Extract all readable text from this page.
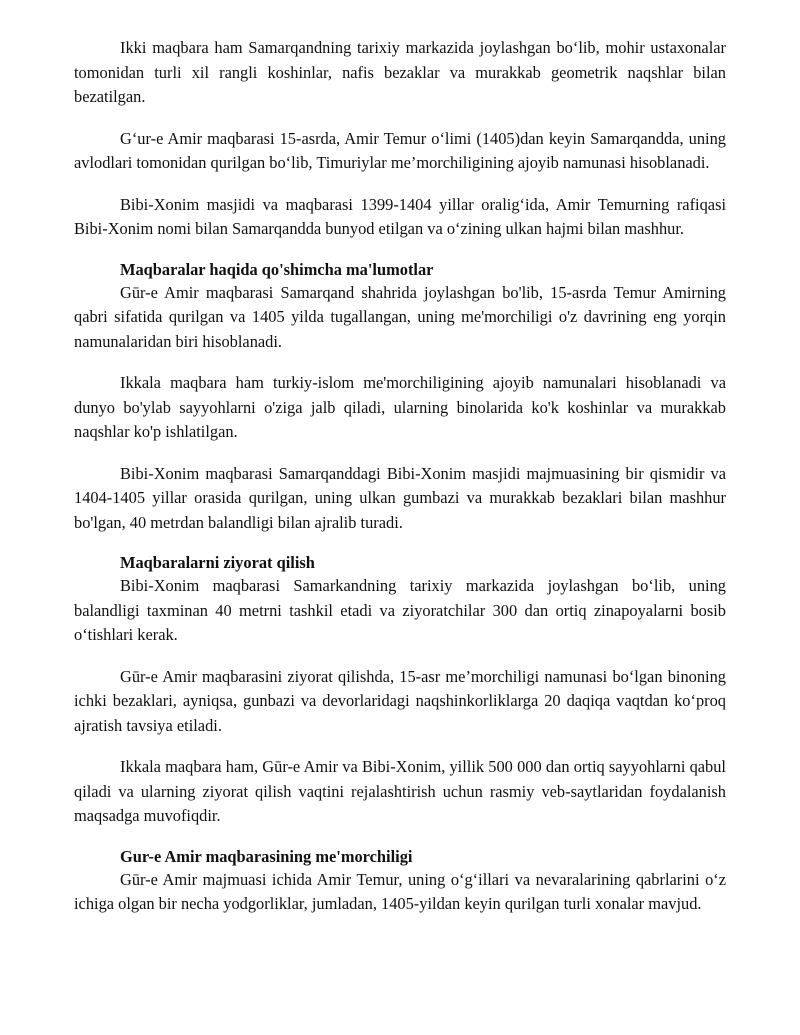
Ikki maqbara ham Samarqandning tarixiy markazida joylashgan bo‘lib, mohir ustaxonalar tomonidan turli xil rangli koshinlar, nafis bezaklar va murakkab geometrik naqshlar bilan bezatilgan.

G‘ur-e Amir maqbarasi 15-asrda, Amir Temur o‘limi (1405)dan keyin Samarqandda, uning avlodlari tomonidan qurilgan bo‘lib, Timuriylar me’morchiligining ajoyib namunasi hisoblanadi.

Bibi-Xonim masjidi va maqbarasi 1399-1404 yillar oralig‘ida, Amir Temurning rafiqasi Bibi-Xonim nomi bilan Samarqandda bunyod etilgan va o‘zining ulkan hajmi bilan mashhur.

Maqbaralar haqida qo'shimcha ma'lumotlar

Gūr-e Amir maqbarasi Samarqand shahrida joylashgan bo'lib, 15-asrda Temur Amirning qabri sifatida qurilgan va 1405 yilda tugallangan, uning me'morchiligi o'z davrining eng yorqin namunalaridan biri hisoblanadi.

Ikkala maqbara ham turkiy-islom me'morchiligining ajoyib namunalari hisoblanadi va dunyo bo'ylab sayyohlarni o'ziga jalb qiladi, ularning binolarida ko'k koshinlar va murakkab naqshlar ko'p ishlatilgan.

Bibi-Xonim maqbarasi Samarqanddagi Bibi-Xonim masjidi majmuasining bir qismidir va 1404-1405 yillar orasida qurilgan, uning ulkan gumbazi va murakkab bezaklari bilan mashhur bo'lgan, 40 metrdan balandligi bilan ajralib turadi.

Maqbaralarni ziyorat qilish

Bibi-Xonim maqbarasi Samarkandning tarixiy markazida joylashgan bo‘lib, uning balandligi taxminan 40 metrni tashkil etadi va ziyoratchilar 300 dan ortiq zinapoyalarni bosib o‘tishlari kerak.

Gūr-e Amir maqbarasini ziyorat qilishda, 15-asr me’morchiligi namunasi bo‘lgan binoning ichki bezaklari, ayniqsa, gunbazi va devorlaridagi naqshinkorliklarga 20 daqiqa vaqtdan ko‘proq ajratish tavsiya etiladi.

Ikkala maqbara ham, Gūr-e Amir va Bibi-Xonim, yillik 500 000 dan ortiq sayyohlarni qabul qiladi va ularning ziyorat qilish vaqtini rejalashtirish uchun rasmiy veb-saytlaridan foydalanish maqsadga muvofiqdir.

Gur-e Amir maqbarasining me'morchiligi

Gūr-e Amir majmuasi ichida Amir Temur, uning o‘g‘illari va nevaralarining qabrlarini o‘z ichiga olgan bir necha yodgorliklar, jumladan, 1405-yildan keyin qurilgan turli xonalar mavjud.
